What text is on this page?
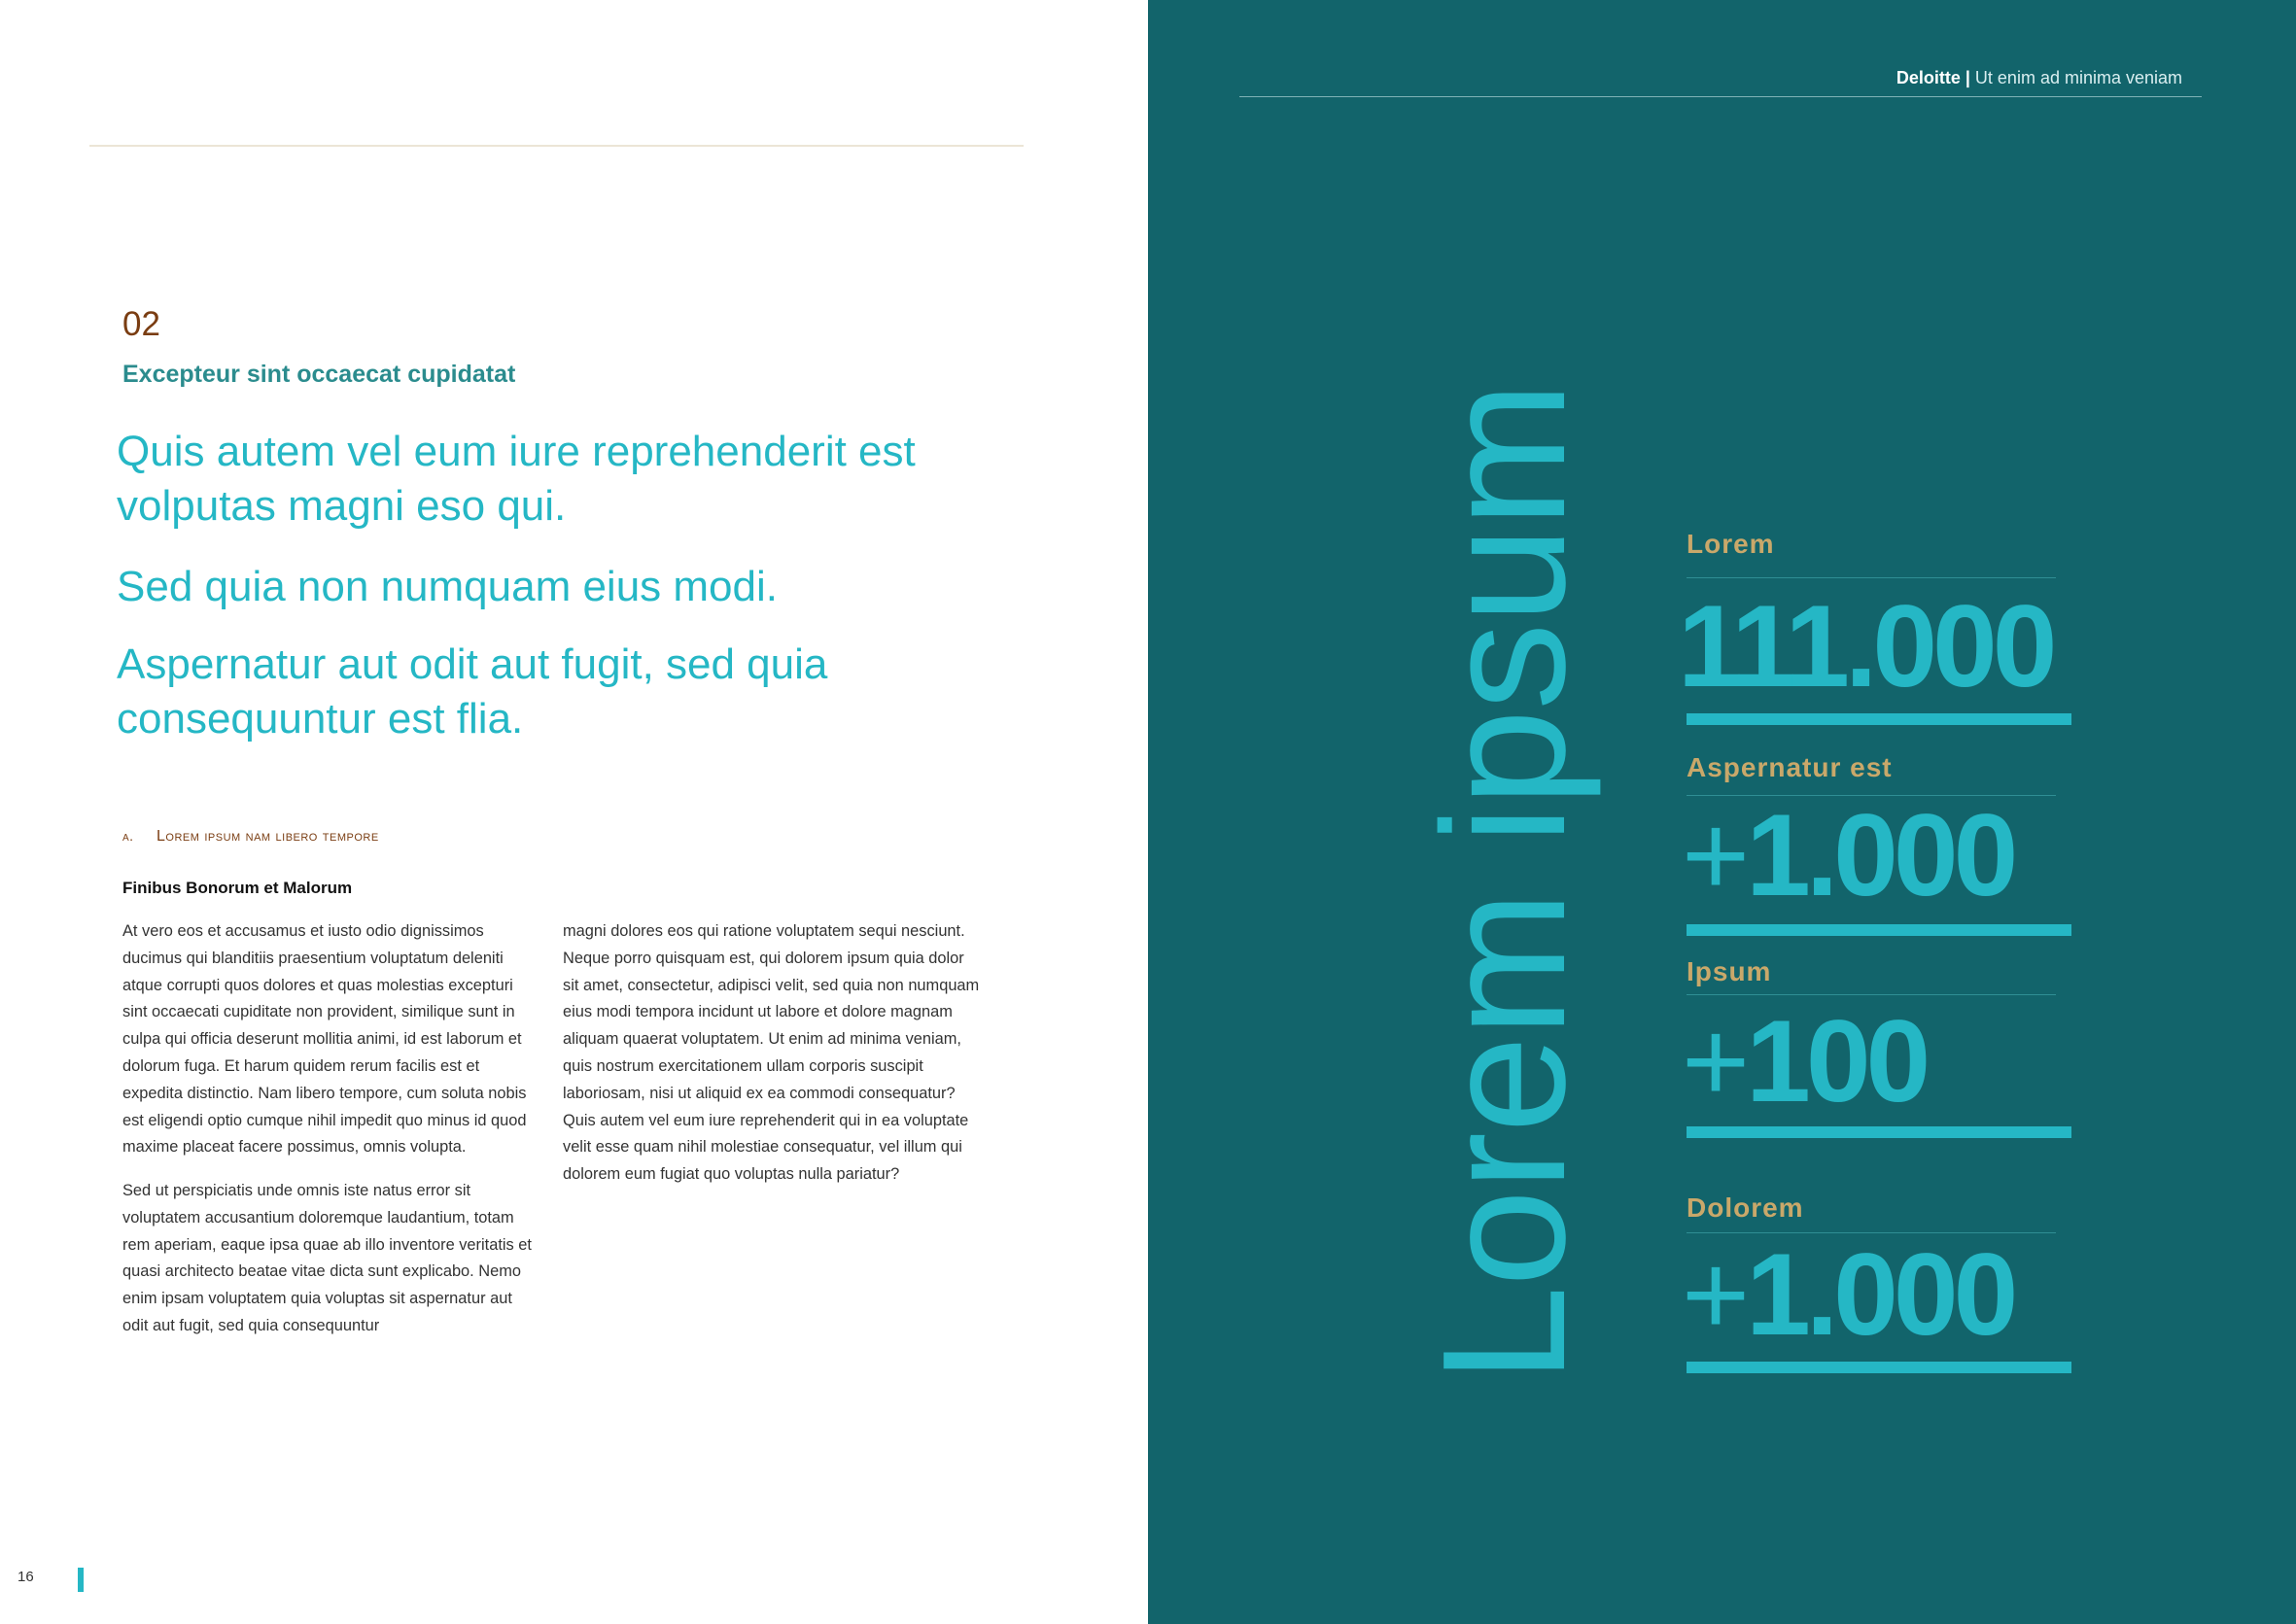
02
Excepteur sint occaecat cupidatat

Quis autem vel eum iure reprehenderit est volputas magni eso qui.

Sed quia non numquam eius modi.

Aspernatur aut odit aut fugit, sed quia consequuntur est flia.

a. Lorem ipsum nam libero tempore
Finibus Bonorum et Malorum

At vero eos et accusamus et iusto odio dignissimos ducimus qui blanditiis praesentium voluptatum deleniti atque corrupti quos dolores et quas molestias excepturi sint occaecati cupiditate non provident, similique sunt in culpa qui officia deserunt mollitia animi, id est laborum et dolorum fuga. Et harum quidem rerum facilis est et expedita distinctio. Nam libero tempore, cum soluta nobis est eligendi optio cumque nihil impedit quo minus id quod maxime placeat facere possimus, omnis volupta.

Sed ut perspiciatis unde omnis iste natus error sit voluptatem accusantium doloremque laudantium, totam rem aperiam, eaque ipsa quae ab illo inventore veritatis et quasi architecto beatae vitae dicta sunt explicabo. Nemo enim ipsam voluptatem quia voluptas sit aspernatur aut odit aut fugit, sed quia consequuntur

magni dolores eos qui ratione voluptatem sequi nesciunt. Neque porro quisquam est, qui dolorem ipsum quia dolor sit amet, consectetur, adipisci velit, sed quia non numquam eius modi tempora incidunt ut labore et dolore magnam aliquam quaerat voluptatem. Ut enim ad minima veniam, quis nostrum exercitationem ullam corporis suscipit laboriosam, nisi ut aliquid ex ea commodi consequatur? Quis autem vel eum iure reprehenderit qui in ea voluptate velit esse quam nihil molestiae consequatur, vel illum qui dolorem eum fugiat quo voluptas nulla pariatur?

16
Deloitte | Ut enim ad minima veniam
Lorem ipsum	Lorem
111.000
Aspernatur est
+1.000
Ipsum
+100
Dolorem
+1.000
